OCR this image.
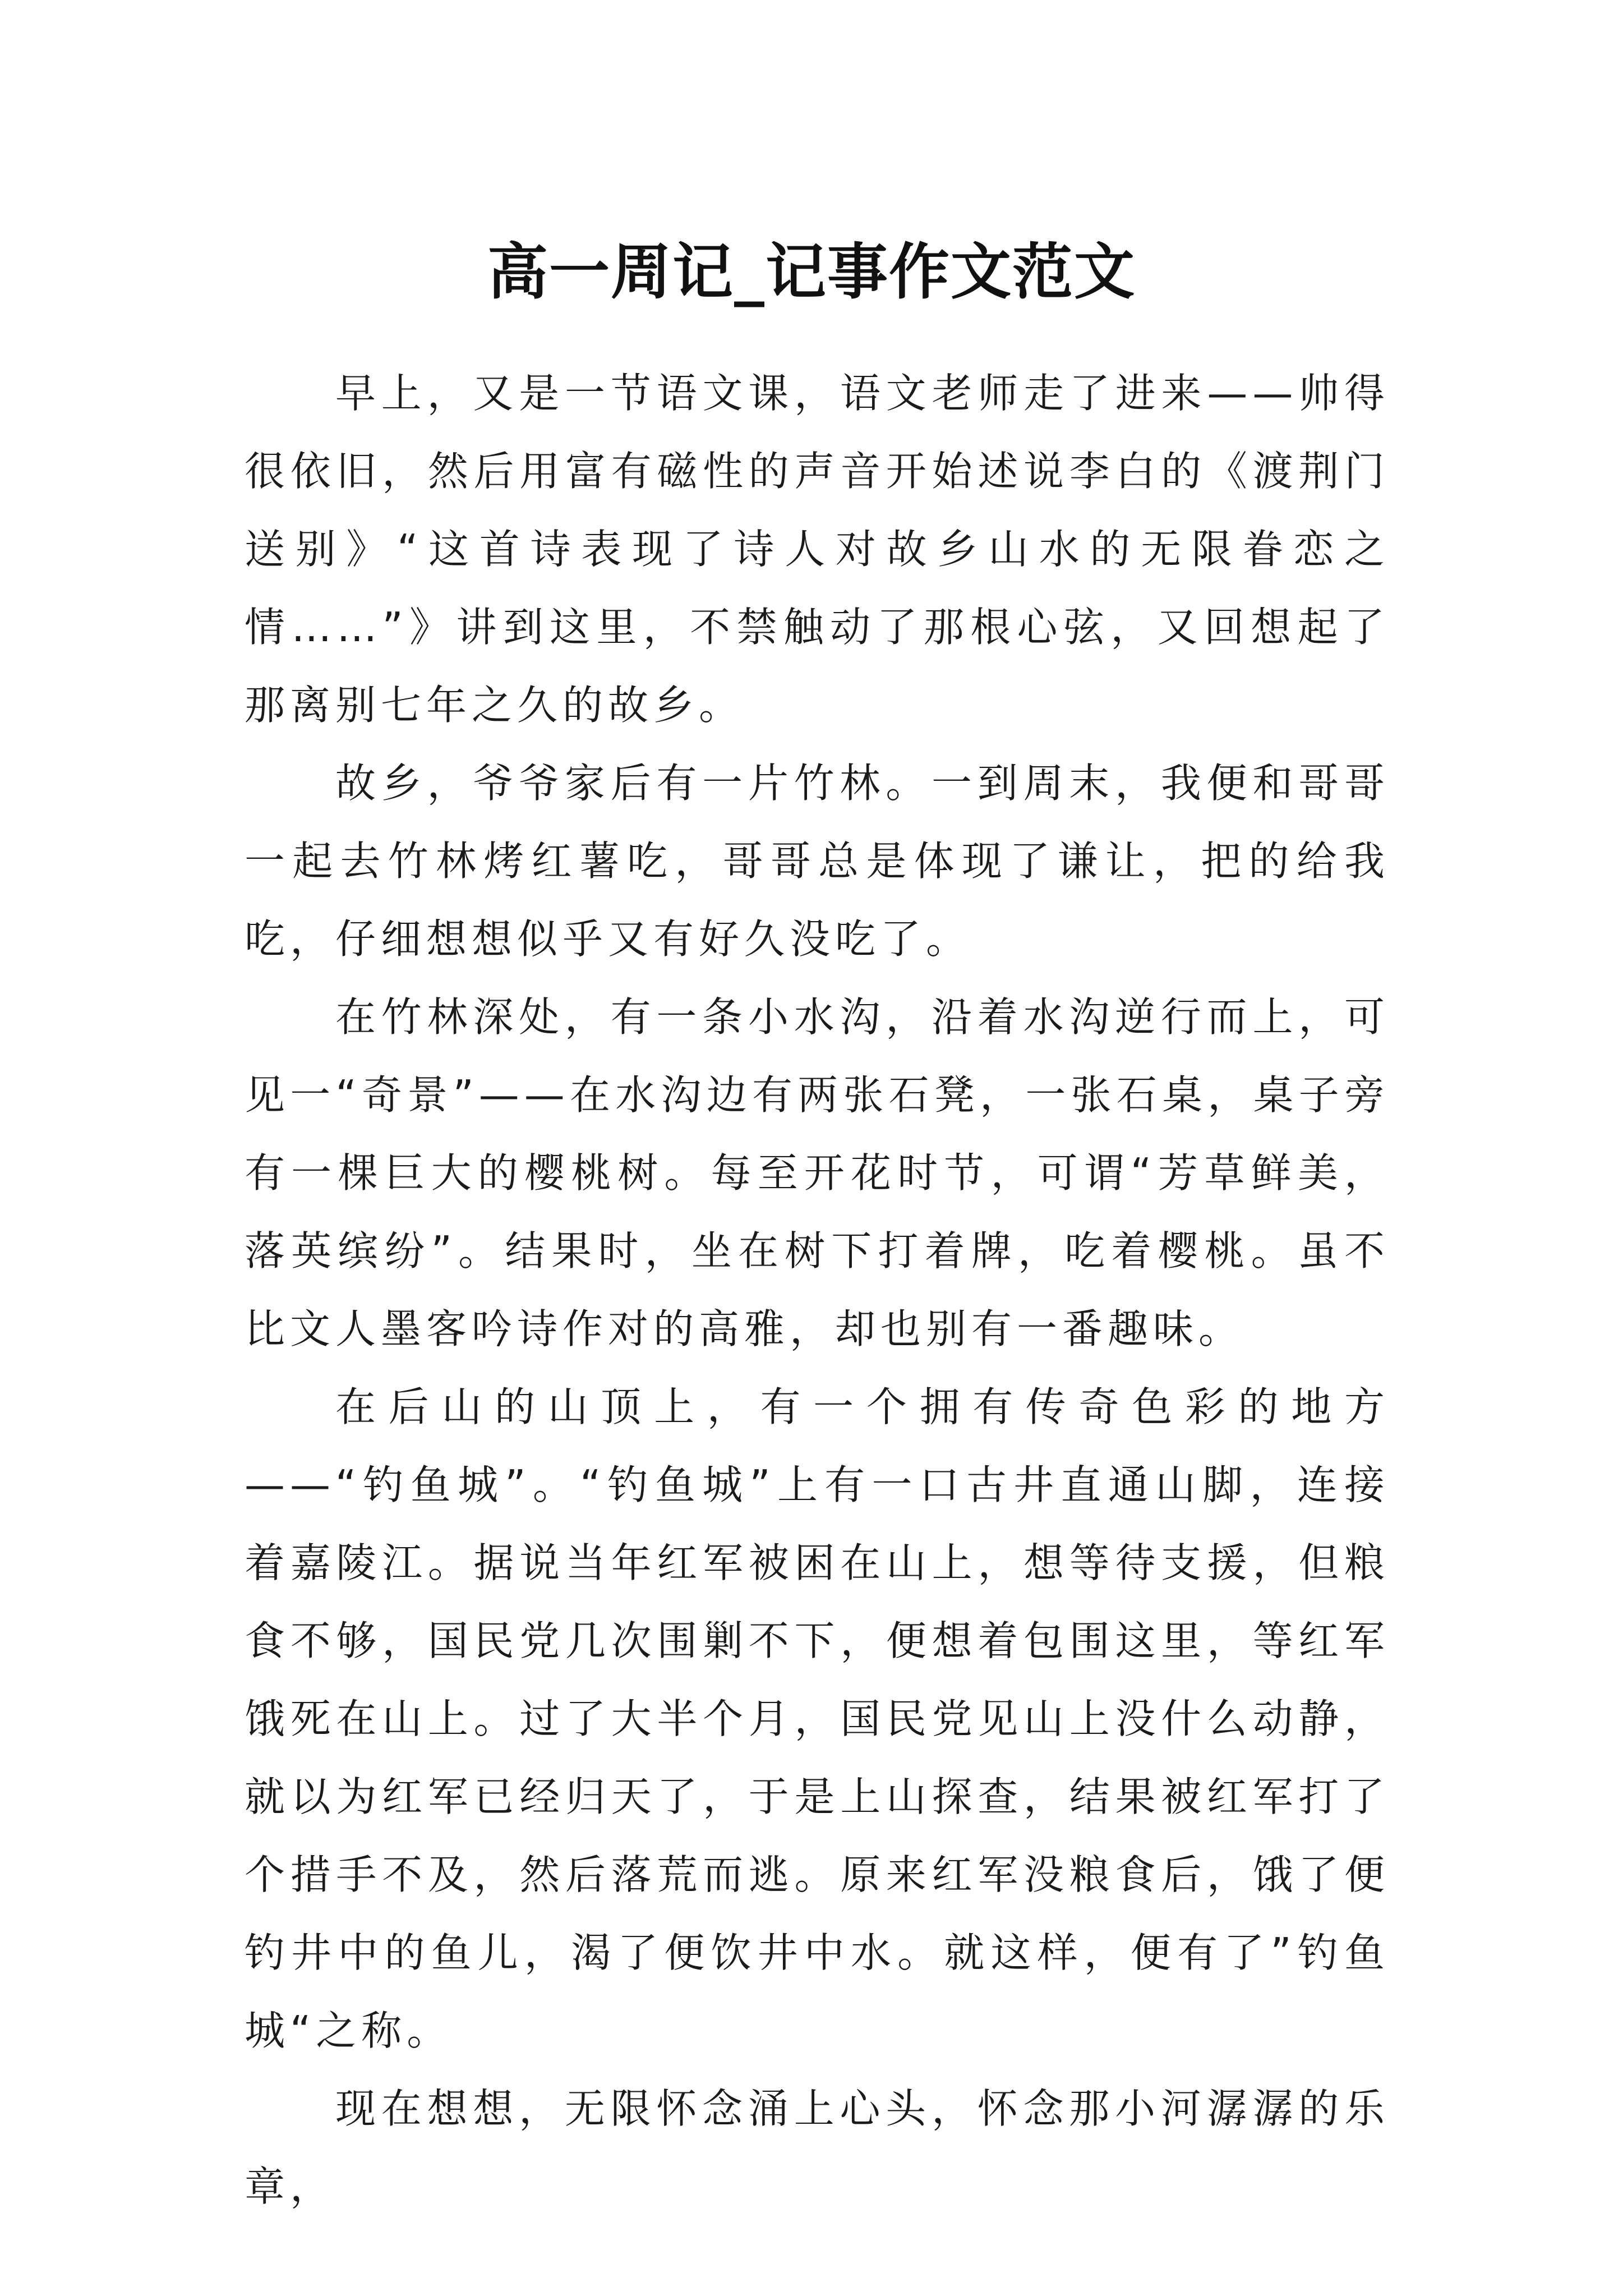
高一周记_记事作文范文

早上，又是一节语文课，语文老师走了进来——帅得很依旧，然后用富有磁性的声音开始述说李白的《渡荆门送别》“这首诗表现了诗人对故乡山水的无限眷恋之情……”》讲到这里，不禁触动了那根心弦，又回想起了那离别七年之久的故乡。

故乡，爷爷家后有一片竹林。一到周末，我便和哥哥一起去竹林烤红薯吃，哥哥总是体现了谦让，把的给我吃，仔细想想似乎又有好久没吃了。

在竹林深处，有一条小水沟，沿着水沟逆行而上，可见一“奇景”——在水沟边有两张石凳，一张石桌，桌子旁有一棵巨大的樱桃树。每至开花时节，可谓“芳草鲜美，落英缤纷”。结果时，坐在树下打着牌，吃着樱桃。虽不比文人墨客吟诗作对的高雅，却也别有一番趣味。

在后山的山顶上，有一个拥有传奇色彩的地方——“钓鱼城”。“钓鱼城”上有一口古井直通山脚，连接着嘉陵江。据说当年红军被困在山上，想等待支援，但粮食不够，国民党几次围剿不下，便想着包围这里，等红军饿死在山上。过了大半个月，国民党见山上没什么动静，就以为红军已经归天了，于是上山探查，结果被红军打了个措手不及，然后落荒而逃。原来红军没粮食后，饿了便钓井中的鱼儿，渴了便饮井中水。就这样，便有了”钓鱼城“之称。

现在想想，无限怀念涌上心头，怀念那小河潺潺的乐章，
